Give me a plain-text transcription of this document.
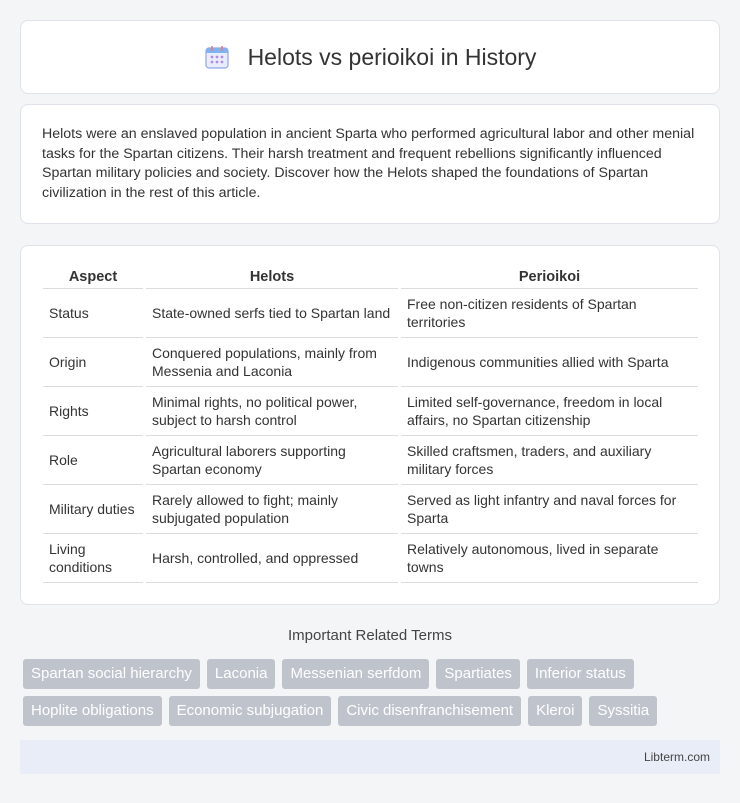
Helots vs perioikoi in History

Helots were an enslaved population in ancient Sparta who performed agricultural labor and other menial tasks for the Spartan citizens. Their harsh treatment and frequent rebellions significantly influenced Spartan military policies and society. Discover how the Helots shaped the foundations of Spartan civilization in the rest of this article.

Aspect	Helots	Perioikoi
Status	State-owned serfs tied to Spartan land	Free non-citizen residents of Spartan territories
Origin	Conquered populations, mainly from Messenia and Laconia	Indigenous communities allied with Sparta
Rights	Minimal rights, no political power, subject to harsh control	Limited self-governance, freedom in local affairs, no Spartan citizenship
Role	Agricultural laborers supporting Spartan economy	Skilled craftsmen, traders, and auxiliary military forces
Military duties	Rarely allowed to fight; mainly subjugated population	Served as light infantry and naval forces for Sparta
Living conditions	Harsh, controlled, and oppressed	Relatively autonomous, lived in separate towns
Important Related Terms
Spartan social hierarchy	Laconia	Messenian serfdom	Spartiates	Inferior status
Hoplite obligations	Economic subjugation	Civic disenfranchisement	Kleroi	Syssitia
Libterm.com
